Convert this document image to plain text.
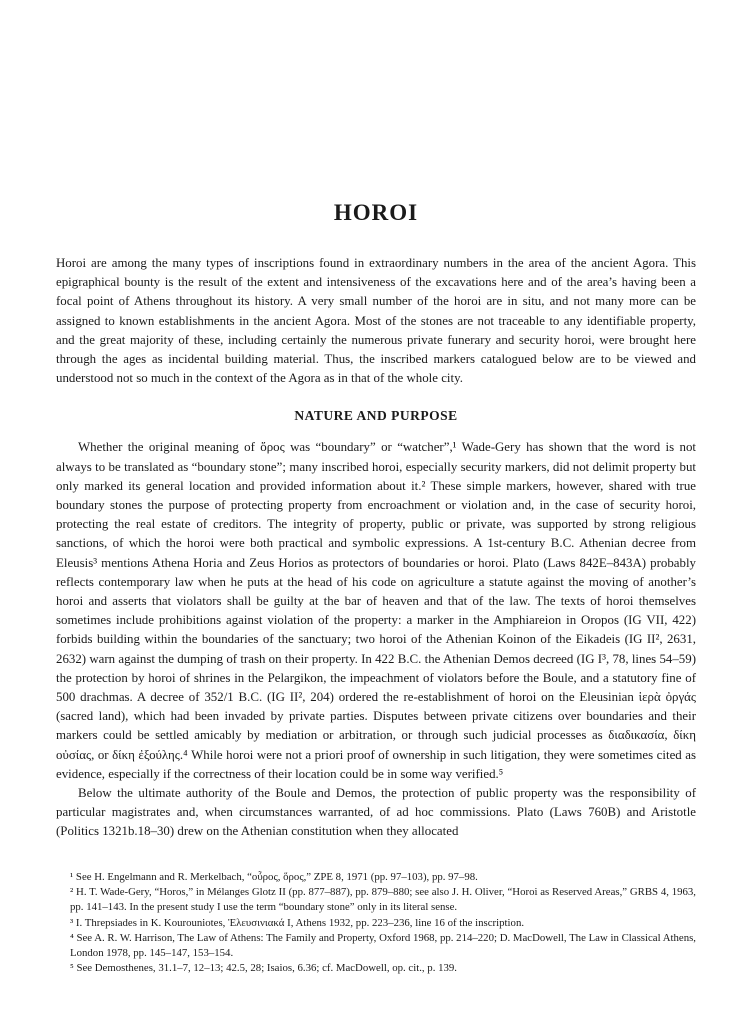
HOROI

Horoi are among the many types of inscriptions found in extraordinary numbers in the area of the ancient Agora. This epigraphical bounty is the result of the extent and intensiveness of the excavations here and of the area’s having been a focal point of Athens throughout its history. A very small number of the horoi are in situ, and not many more can be assigned to known establishments in the ancient Agora. Most of the stones are not traceable to any identifiable property, and the great majority of these, including certainly the numerous private funerary and security horoi, were brought here through the ages as incidental building material. Thus, the inscribed markers catalogued below are to be viewed and understood not so much in the context of the Agora as in that of the whole city.

NATURE AND PURPOSE

Whether the original meaning of ὅρος was “boundary” or “watcher”,¹ Wade-Gery has shown that the word is not always to be translated as “boundary stone”; many inscribed horoi, especially security markers, did not delimit property but only marked its general location and provided information about it.² These simple markers, however, shared with true boundary stones the purpose of protecting property from encroachment or violation and, in the case of security horoi, protecting the real estate of creditors. The integrity of property, public or private, was supported by strong religious sanctions, of which the horoi were both practical and symbolic expressions. A 1st-century B.C. Athenian decree from Eleusis³ mentions Athena Horia and Zeus Horios as protectors of boundaries or horoi. Plato (Laws 842E–843A) probably reflects contemporary law when he puts at the head of his code on agriculture a statute against the moving of another’s horoi and asserts that violators shall be guilty at the bar of heaven and that of the law. The texts of horoi themselves sometimes include prohibitions against violation of the property: a marker in the Amphiareion in Oropos (IG VII, 422) forbids building within the boundaries of the sanctuary; two horoi of the Athenian Koinon of the Eikadeis (IG II², 2631, 2632) warn against the dumping of trash on their property. In 422 B.C. the Athenian Demos decreed (IG I³, 78, lines 54–59) the protection by horoi of shrines in the Pelargikon, the impeachment of violators before the Boule, and a statutory fine of 500 drachmas. A decree of 352/1 B.C. (IG II², 204) ordered the re-establishment of horoi on the Eleusinian ἱερὰ ὀργάς (sacred land), which had been invaded by private parties. Disputes between private citizens over boundaries and their markers could be settled amicably by mediation or arbitration, or through such judicial processes as διαδικασία, δίκη οὐσίας, or δίκη ἐξούλης.⁴ While horoi were not a priori proof of ownership in such litigation, they were sometimes cited as evidence, especially if the correctness of their location could be in some way verified.⁵

Below the ultimate authority of the Boule and Demos, the protection of public property was the responsibility of particular magistrates and, when circumstances warranted, of ad hoc commissions. Plato (Laws 760B) and Aristotle (Politics 1321b.18–30) drew on the Athenian constitution when they allocated

¹ See H. Engelmann and R. Merkelbach, “οὖρος, ὅρος,” ZPE 8, 1971 (pp. 97–103), pp. 97–98.

² H. T. Wade-Gery, “Horos,” in Mélanges Glotz II (pp. 877–887), pp. 879–880; see also J. H. Oliver, “Horoi as Reserved Areas,” GRBS 4, 1963, pp. 141–143. In the present study I use the term “boundary stone” only in its literal sense.

³ I. Threpsiades in K. Kourouniotes, Ἐλευσινιακά I, Athens 1932, pp. 223–236, line 16 of the inscription.

⁴ See A. R. W. Harrison, The Law of Athens: The Family and Property, Oxford 1968, pp. 214–220; D. MacDowell, The Law in Classical Athens, London 1978, pp. 145–147, 153–154.

⁵ See Demosthenes, 31.1–7, 12–13; 42.5, 28; Isaios, 6.36; cf. MacDowell, op. cit., p. 139.
